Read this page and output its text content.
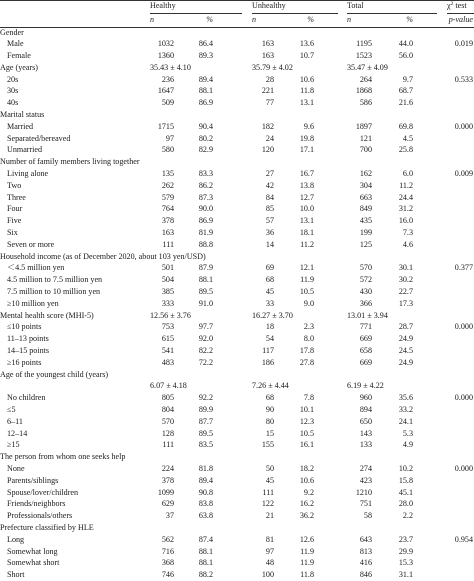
Healthy	Unhealthy	Total	$\chi^2$ test
n	%	n	%	n	%	p-value
Gender
Male	1032	86.4	163	13.6	1195	44.0	0.019
Female	1360	89.3	163	10.7	1523	56.0
Age (years)	35.43 ± 4.10	35.79 ± 4.02	35.47 ± 4.09
20s	236	89.4	28	10.6	264	9.7	0.533
30s	1647	88.1	221	11.8	1868	68.7
40s	509	86.9	77	13.1	586	21.6
Marital status
Married	1715	90.4	182	9.6	1897	69.8	0.000
Separated/bereaved	97	80.2	24	19.8	121	4.5
Unmarried	580	82.9	120	17.1	700	25.8
Number of family members living together
Living alone	135	83.3	27	16.7	162	6.0	0.009
Two	262	86.2	42	13.8	304	11.2
Three	579	87.3	84	12.7	663	24.4
Four	764	90.0	85	10.0	849	31.2
Five	378	86.9	57	13.1	435	16.0
Six	163	81.9	36	18.1	199	7.3
Seven or more	111	88.8	14	11.2	125	4.6
Household income (as of December 2020, about 103 yen/USD)
＜4.5 million yen	501	87.9	69	12.1	570	30.1	0.377
4.5 million to 7.5 million yen	504	88.1	68	11.9	572	30.2
7.5 million to 10 million yen	385	89.5	45	10.5	430	22.7
≥10 million yen	333	91.0	33	9.0	366	17.3
Mental health score (MHI-5)	12.56 ± 3.76	16.27 ± 3.70	13.01 ± 3.94
≤10 points	753	97.7	18	2.3	771	28.7	0.000
11–13 points	615	92.0	54	8.0	669	24.9
14–15 points	541	82.2	117	17.8	658	24.5
≥16 points	483	72.2	186	27.8	669	24.9
Age of the youngest child (years)
6.07 ± 4.18	7.26 ± 4.44	6.19 ± 4.22
No children	805	92.2	68	7.8	960	35.6	0.000
≤5	804	89.9	90	10.1	894	33.2
6–11	570	87.7	80	12.3	650	24.1
12–14	128	89.5	15	10.5	143	5.3
≥15	111	83.5	155	16.1	133	4.9
The person from whom one seeks help
None	224	81.8	50	18.2	274	10.2	0.000
Parents/siblings	378	89.4	45	10.6	423	15.8
Spouse/lover/children	1099	90.8	111	9.2	1210	45.1
Friends/neighbors	629	83.8	122	16.2	751	28.0
Professionals/others	37	63.8	21	36.2	58	2.2
Prefecture classified by HLE
Long	562	87.4	81	12.6	643	23.7	0.954
Somewhat long	716	88.1	97	11.9	813	29.9
Somewhat short	368	88.1	48	11.9	416	15.3
Short	746	88.2	100	11.8	846	31.1
